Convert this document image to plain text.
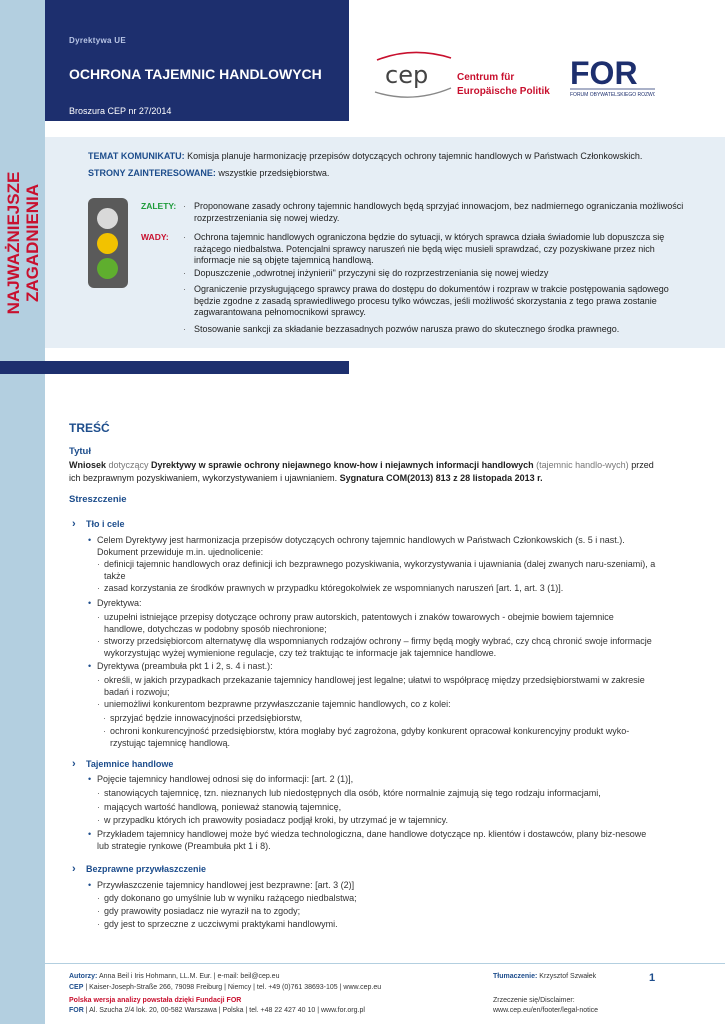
Dyrektywa UE
OCHRONA TAJEMNIC HANDLOWYCH
Broszura CEP nr 27/2014
cep	Centrum für Europäische Politik
FOR
FORUM OBYWATELSKIEGO ROZWOJU
NAJWAŻNIEJSZE ZAGADNIENIA
TEMAT KOMUNIKATU: Komisja planuje harmonizację przepisów dotyczących ochrony tajemnic handlowych w Państwach Członkowskich.
STRONY ZAINTERESOWANE: wszystkie przedsiębiorstwa.
ZALETY:
WADY:
· Proponowane zasady ochrony tajemnic handlowych będą sprzyjać innowacjom, bez nadmiernego ograniczania możliwości rozprzestrzeniania się nowej wiedzy.
· Ochrona tajemnic handlowych ograniczona będzie do sytuacji, w których sprawca działa świadomie lub dopuszcza się rażącego niedbalstwa. Potencjalni sprawcy naruszeń nie będą więc musieli sprawdzać, czy pozyskiwane przez nich informacje nie są objęte tajemnicą handlową.
· Dopuszczenie „odwrotnej inżynierii" przyczyni się do rozprzestrzeniania się nowej wiedzy
· Ograniczenie przysługującego sprawcy prawa do dostępu do dokumentów i rozpraw w trakcie postępowania sądowego będzie zgodne z zasadą sprawiedliwego procesu tylko wówczas, jeśli możliwość skorzystania z tego prawa zostanie zagwarantowana pełnomocnikowi sprawcy.
· Stosowanie sankcji za składanie bezzasadnych pozwów narusza prawo do skutecznego środka prawnego.
TREŚĆ
Tytuł
Wniosek dotyczący Dyrektywy w sprawie ochrony niejawnego know-how i niejawnych informacji handlowych (tajemnic handlo-wych) przed ich bezprawnym pozyskiwaniem, wykorzystywaniem i ujawnianiem. Sygnatura COM(2013) 813 z 28 listopada 2013 r.
Streszczenie
› Tło i cele
• Celem Dyrektywy jest harmonizacja przepisów dotyczących ochrony tajemnic handlowych w Państwach Członkowskich (s. 5 i nast.). Dokument przewiduje m.in. ujednolicenie:
· definicji tajemnic handlowych oraz definicji ich bezprawnego pozyskiwania, wykorzystywania i ujawniania (dalej zwanych naru-szeniami), a także
· zasad korzystania ze środków prawnych w przypadku któregokolwiek ze wspomnianych naruszeń [art. 1, art. 3 (1)].
• Dyrektywa:
· uzupełni istniejące przepisy dotyczące ochrony praw autorskich, patentowych i znaków towarowych - obejmie bowiem tajemnice handlowe, dotychczas w podobny sposób niechronione;
· stworzy przedsiębiorcom alternatywę dla wspomnianych rodzajów ochrony – firmy będą mogły wybrać, czy chcą chronić swoje informacje wykorzystując wyżej wymienione regulacje, czy też traktując te informacje jak tajemnice handlowe.
• Dyrektywa (preambuła pkt 1 i 2, s. 4 i nast.):
· określi, w jakich przypadkach przekazanie tajemnicy handlowej jest legalne; ułatwi to współpracę między przedsiębiorstwami w zakresie badań i rozwoju;
· uniemożliwi konkurentom bezprawne przywłaszczanie tajemnic handlowych, co z kolei:
· sprzyjać będzie innowacyjności przedsiębiorstw,
· ochroni konkurencyjność przedsiębiorstw, która mogłaby być zagrożona, gdyby konkurent opracował konkurencyjny produkt wyko-rzystując tajemnicę handlową.
› Tajemnice handlowe
• Pojęcie tajemnicy handlowej odnosi się do informacji: [art. 2 (1)],
· stanowiących tajemnicę, tzn. nieznanych lub niedostępnych dla osób, które normalnie zajmują się tego rodzaju informacjami,
· mających wartość handlową, ponieważ stanowią tajemnicę,
· w przypadku których ich prawowity posiadacz podjął kroki, by utrzymać je w tajemnicy.
• Przykładem tajemnicy handlowej może być wiedza technologiczna, dane handlowe dotyczące np. klientów i dostawców, plany biz-nesowe lub strategie rynkowe (Preambuła pkt 1 i 8).
› Bezprawne przywłaszczenie
• Przywłaszczenie tajemnicy handlowej jest bezprawne: [art. 3 (2)]
· gdy dokonano go umyślnie lub w wyniku rażącego niedbalstwa;
· gdy prawowity posiadacz nie wyraził na to zgody;
· gdy jest to sprzeczne z uczciwymi praktykami handlowymi.
Autorzy: Anna Beil i Iris Hohmann, LL.M. Eur. | e-mail: beil@cep.eu
CEP | Kaiser-Joseph-Straße 266, 79098 Freiburg | Niemcy | tel. +49 (0)761 38693-105 | www.cep.eu
Polska wersja analizy powstała dzięki Fundacji FOR
FOR | Al. Szucha 2/4 lok. 20, 00-582 Warszawa | Polska | tel. +48 22 427 40 10 | www.for.org.pl
Tłumaczenie: Krzysztof Szwałek
Zrzeczenie się/Disclaimer:
www.cep.eu/en/footer/legal-notice
1
